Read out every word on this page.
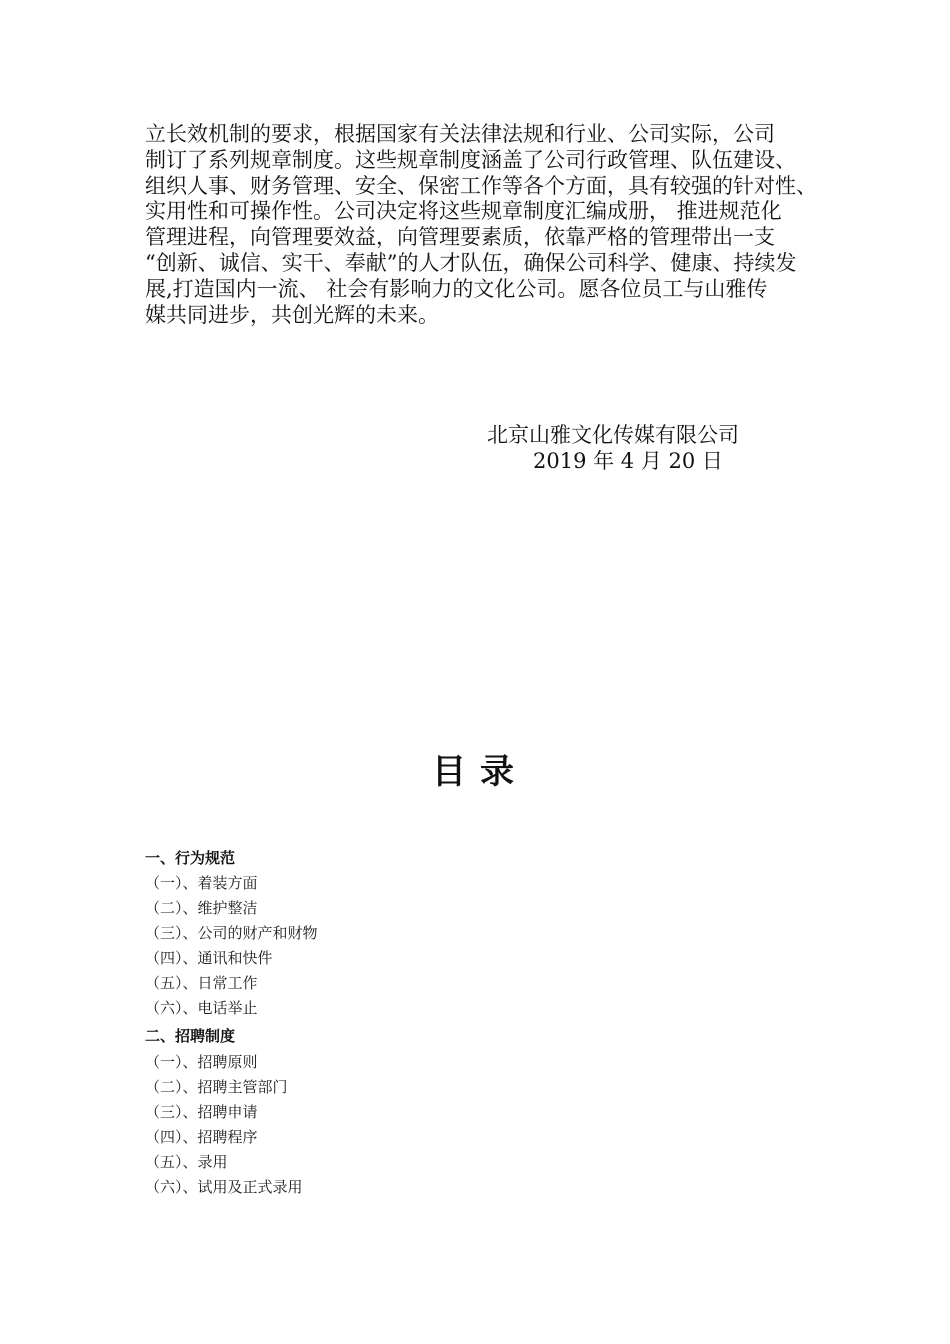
立长效机制的要求，根据国家有关法律法规和行业、公司实际，公司
制订了系列规章制度。这些规章制度涵盖了公司行政管理、队伍建设、
组织人事、财务管理、安全、保密工作等各个方面，具有较强的针对性、
实用性和可操作性。公司决定将这些规章制度汇编成册， 推进规范化
管理进程，向管理要效益，向管理要素质，依靠严格的管理带出一支
“创新、诚信、实干、奉献”的人才队伍，确保公司科学、健康、持续发
展,打造国内一流、 社会有影响力的文化公司。愿各位员工与山雅传
媒共同进步，共创光辉的未来。
北京山雅文化传媒有限公司
2019 年 4 月 20 日
目录
一、行为规范
（一）、着装方面
（二）、维护整洁
（三）、公司的财产和财物
（四）、通讯和快件
（五）、日常工作
（六）、电话举止
二、招聘制度
（一）、招聘原则
（二）、招聘主管部门
（三）、招聘申请
（四）、招聘程序
（五）、录用
（六）、试用及正式录用
